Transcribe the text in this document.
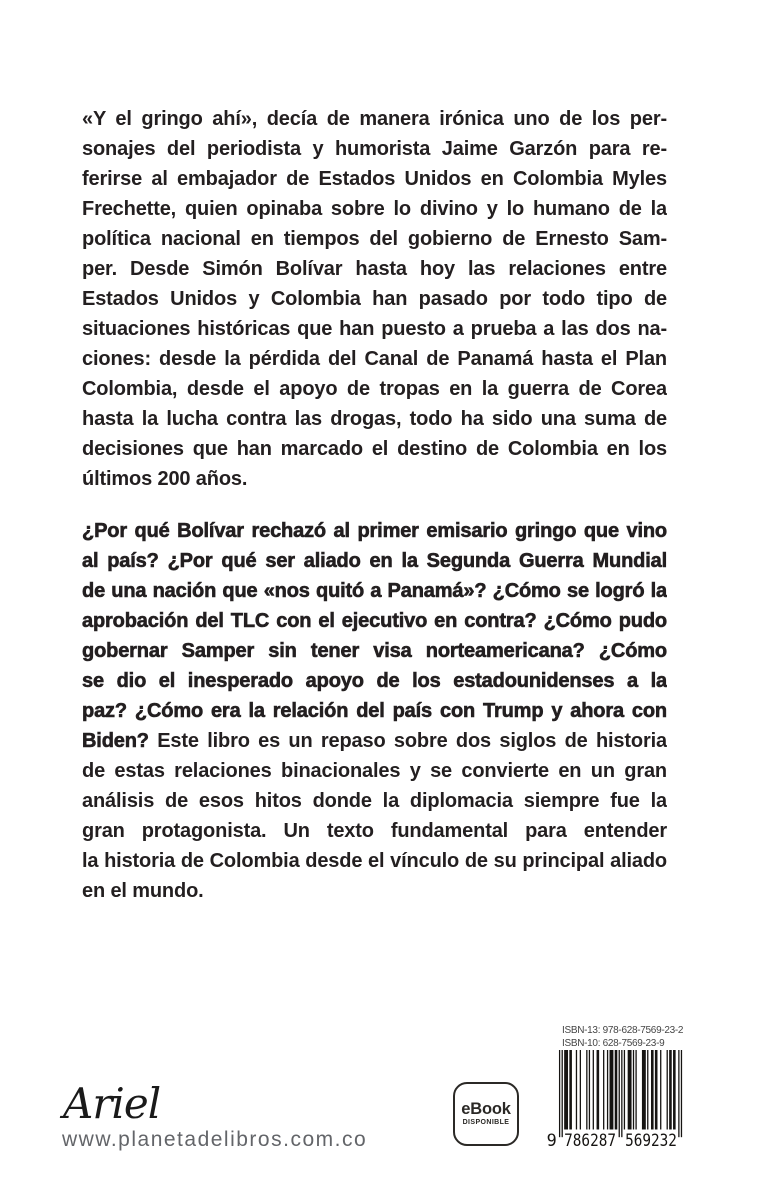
«Y el gringo ahí», decía de manera irónica uno de los per-
sonajes del periodista y humorista Jaime Garzón para re-
ferirse al embajador de Estados Unidos en Colombia Myles
Frechette, quien opinaba sobre lo divino y lo humano de la
política nacional en tiempos del gobierno de Ernesto Sam-
per. Desde Simón Bolívar hasta hoy las relaciones entre
Estados Unidos y Colombia han pasado por todo tipo de
situaciones históricas que han puesto a prueba a las dos na-
ciones: desde la pérdida del Canal de Panamá hasta el Plan
Colombia, desde el apoyo de tropas en la guerra de Corea
hasta la lucha contra las drogas, todo ha sido una suma de
decisiones que han marcado el destino de Colombia en los
últimos 200 años.
¿Por qué Bolívar rechazó al primer emisario gringo que vino
al país? ¿Por qué ser aliado en la Segunda Guerra Mundial
de una nación que «nos quitó a Panamá»? ¿Cómo se logró la
aprobación del TLC con el ejecutivo en contra? ¿Cómo pudo
gobernar Samper sin tener visa norteamericana? ¿Cómo
se dio el inesperado apoyo de los estadounidenses a la
paz? ¿Cómo era la relación del país con Trump y ahora con
Biden? Este libro es un repaso sobre dos siglos de historia
de estas relaciones binacionales y se convierte en un gran
análisis de esos hitos donde la diplomacia siempre fue la
gran protagonista. Un texto fundamental para entender
la historia de Colombia desde el vínculo de su principal aliado
en el mundo.
Ariel
www.planetadelibros.com.co
eBook
DISPONIBLE
ISBN-13: 978-628-7569-23-2
ISBN-10: 628-7569-23-9
9 786287 569232
